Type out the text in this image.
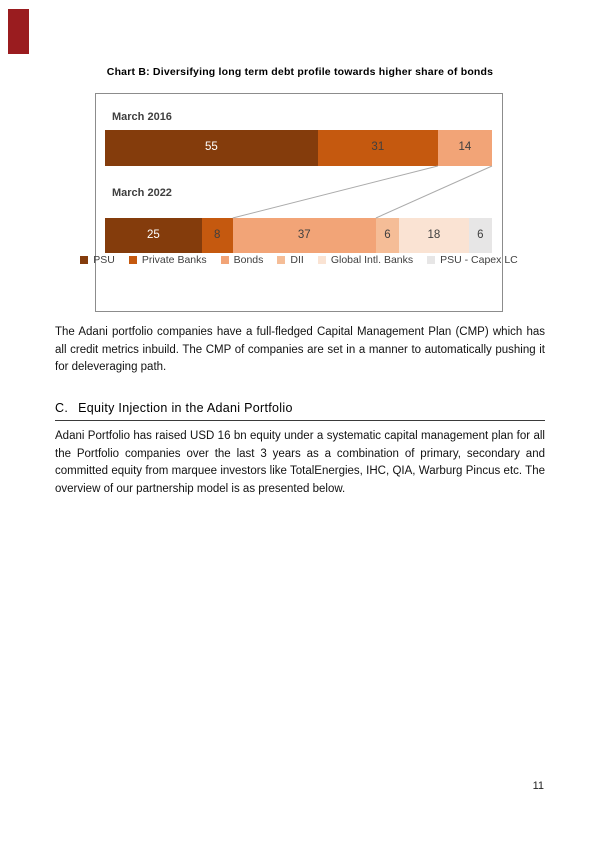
Chart B: Diversifying long term debt profile towards higher share of bonds
March 2016
55	31	14
March 2022
25	8	37	6	18	6
PSU	Private Banks	Bonds	DII	Global Intl. Banks	PSU - Capex LC

The Adani portfolio companies have a full-fledged Capital Management Plan (CMP) which has all credit metrics inbuild. The CMP of companies are set in a manner to automatically pushing it for deleveraging path.

C. Equity Injection in the Adani Portfolio

Adani Portfolio has raised USD 16 bn equity under a systematic capital management plan for all the Portfolio companies over the last 3 years as a combination of primary, secondary and committed equity from marquee investors like TotalEnergies, IHC, QIA, Warburg Pincus etc. The overview of our partnership model is as presented below.

11
